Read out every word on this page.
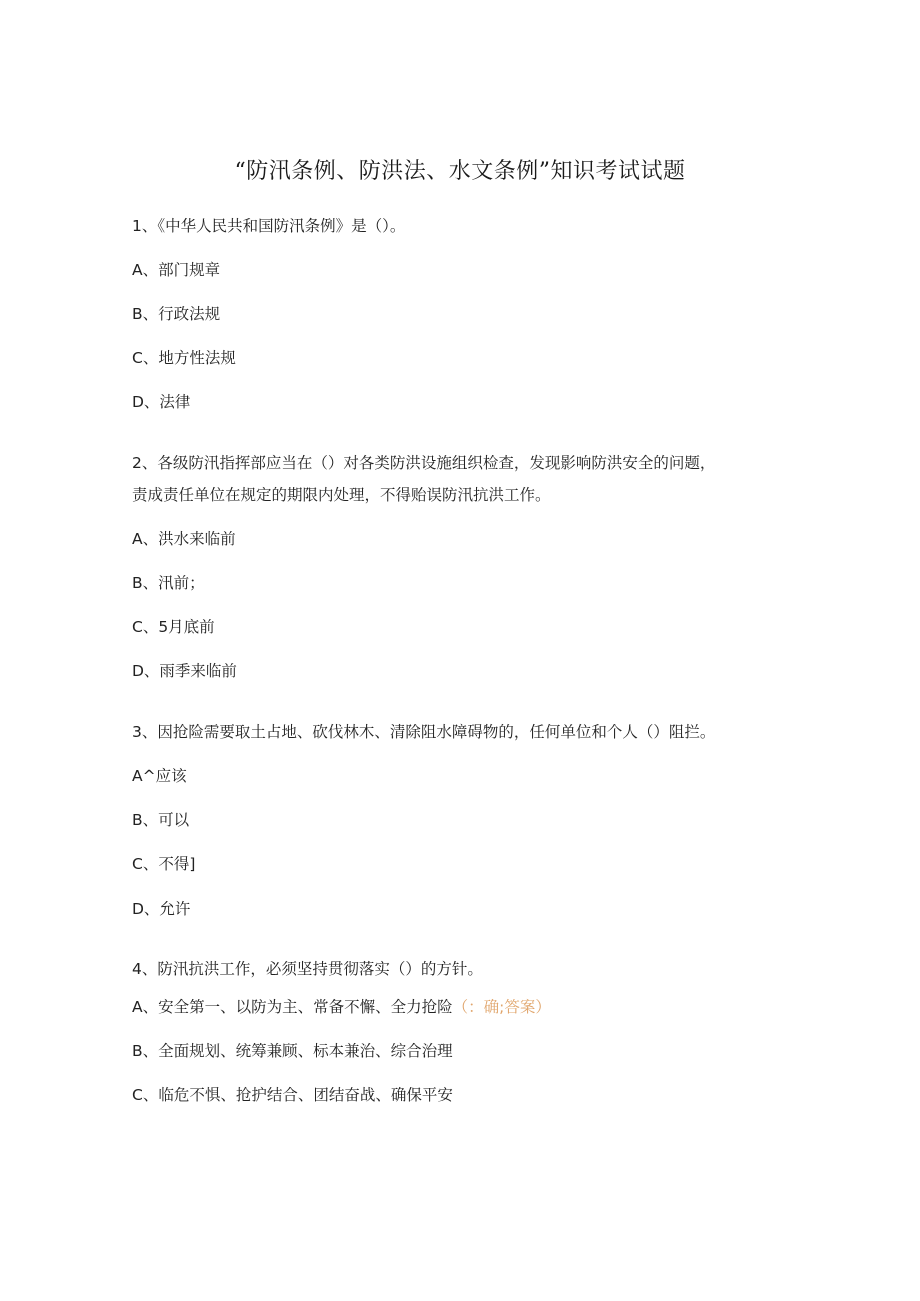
“防汛条例、防洪法、水文条例”知识考试试题
1、《中华人民共和国防汛条例》是（）。
A、部门规章
B、行政法规
C、地方性法规
D、法律
2、各级防汛指挥部应当在（）对各类防洪设施组织检查，发现影响防洪安全的问题，
责成责任单位在规定的期限内处理，不得贻误防汛抗洪工作。
A、洪水来临前
B、汛前；
C、5月底前
D、雨季来临前
3、因抢险需要取土占地、砍伐林木、清除阻水障碍物的，任何单位和个人（）阻拦。
A^应该
B、可以
C、不得]
D、允许
4、防汛抗洪工作，必须坚持贯彻落实（）的方针。
A、安全第一、以防为主、常备不懈、全力抢险（：确;答案）
B、全面规划、统筹兼顾、标本兼治、综合治理
C、临危不惧、抢护结合、团结奋战、确保平安
